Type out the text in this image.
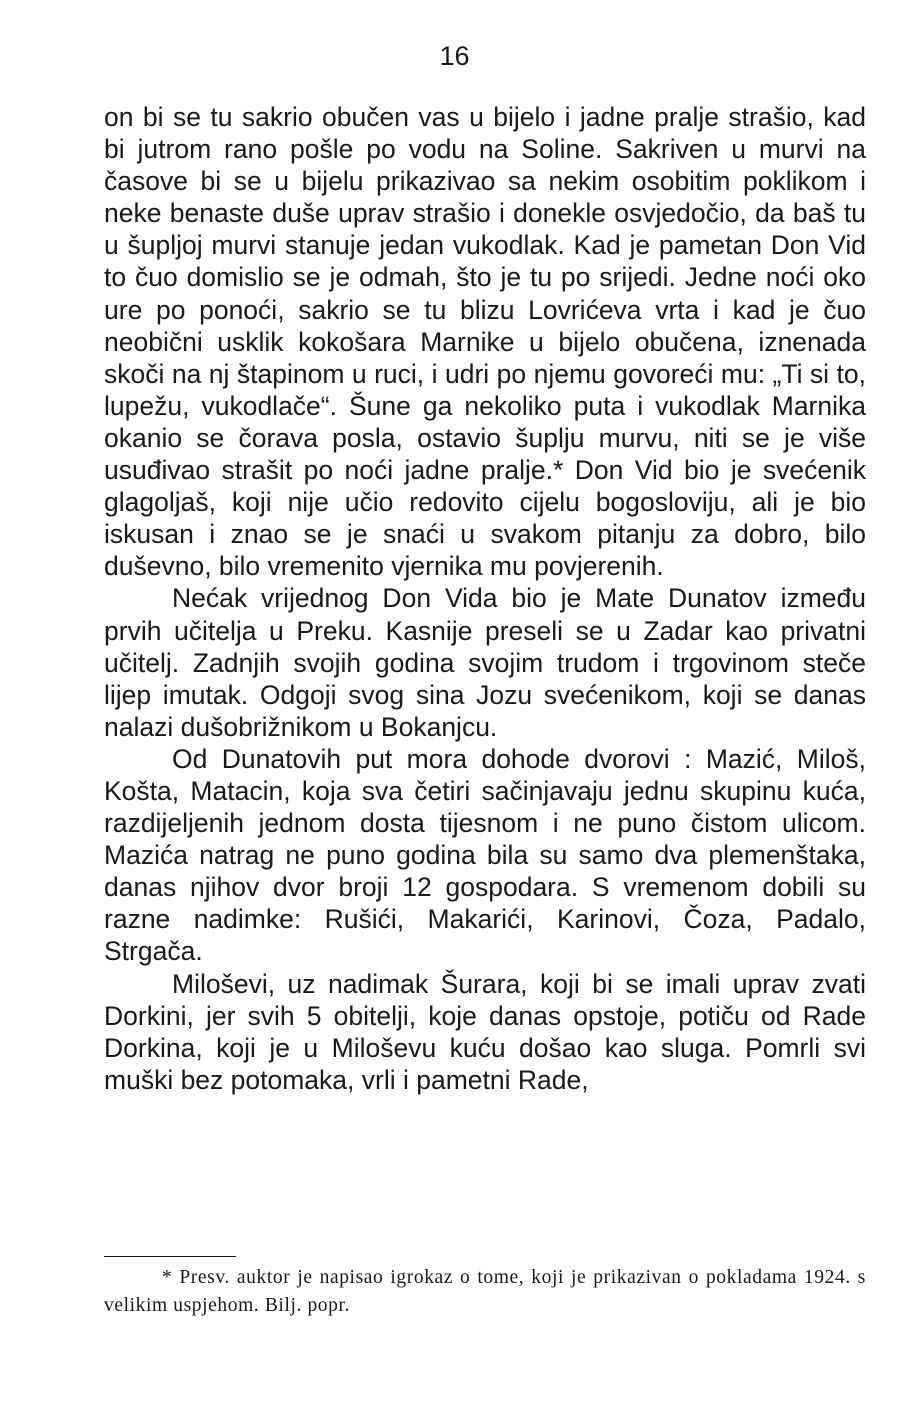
16

on bi se tu sakrio obučen vas u bijelo i jadne pralje strašio, kad bi jutrom rano pošle po vodu na Soline. Sakriven u murvi na časove bi se u bijelu prikazivao sa nekim osobitim poklikom i neke benaste duše uprav strašio i donekle osvjedočio, da baš tu u šupljoj murvi stanuje jedan vukodlak. Kad je pametan Don Vid to čuo domislio se je odmah, što je tu po srijedi. Jedne noći oko ure po ponoći, sakrio se tu blizu Lovrićeva vrta i kad je čuo neobični usklik kokošara Marnike u bijelo obučena, iznenada skoči na nj štapinom u ruci, i udri po njemu govoreći mu: „Ti si to, lupežu, vukodlače“. Šune ga nekoliko puta i vukodlak Marnika okanio se čorava posla, ostavio šuplju murvu, niti se je više usuđivao strašit po noći jadne pralje.* Don Vid bio je svećenik glagoljaš, koji nije učio redovito cijelu bogosloviju, ali je bio iskusan i znao se je snaći u svakom pitanju za dobro, bilo duševno, bilo vremenito vjernika mu povjerenih.

Nećak vrijednog Don Vida bio je Mate Dunatov između prvih učitelja u Preku. Kasnije preseli se u Zadar kao privatni učitelj. Zadnjih svojih godina svojim trudom i trgovinom steče lijep imutak. Odgoji svog sina Jozu svećenikom, koji se danas nalazi dušobrižnikom u Bokanjcu.

Od Dunatovih put mora dohode dvorovi : Mazić, Miloš, Košta, Matacin, koja sva četiri sačinjavaju jednu skupinu kuća, razdijeljenih jednom dosta tijesnom i ne puno čistom ulicom. Mazića natrag ne puno godina bila su samo dva plemenštaka, danas njihov dvor broji 12 gospodara. S vremenom dobili su razne nadimke: Rušići, Makarići, Karinovi, Čoza, Padalo, Strgača.

Miloševi, uz nadimak Šurara, koji bi se imali uprav zvati Dorkini, jer svih 5 obitelji, koje danas opstoje, potiču od Rade Dorkina, koji je u Miloševu kuću došao kao sluga. Pomrli svi muški bez potomaka, vrli i pametni Rade,

* Presv. auktor je napisao igrokaz o tome, koji je prikazivan o pokladama 1924. s velikim uspjehom. Bilj. popr.
